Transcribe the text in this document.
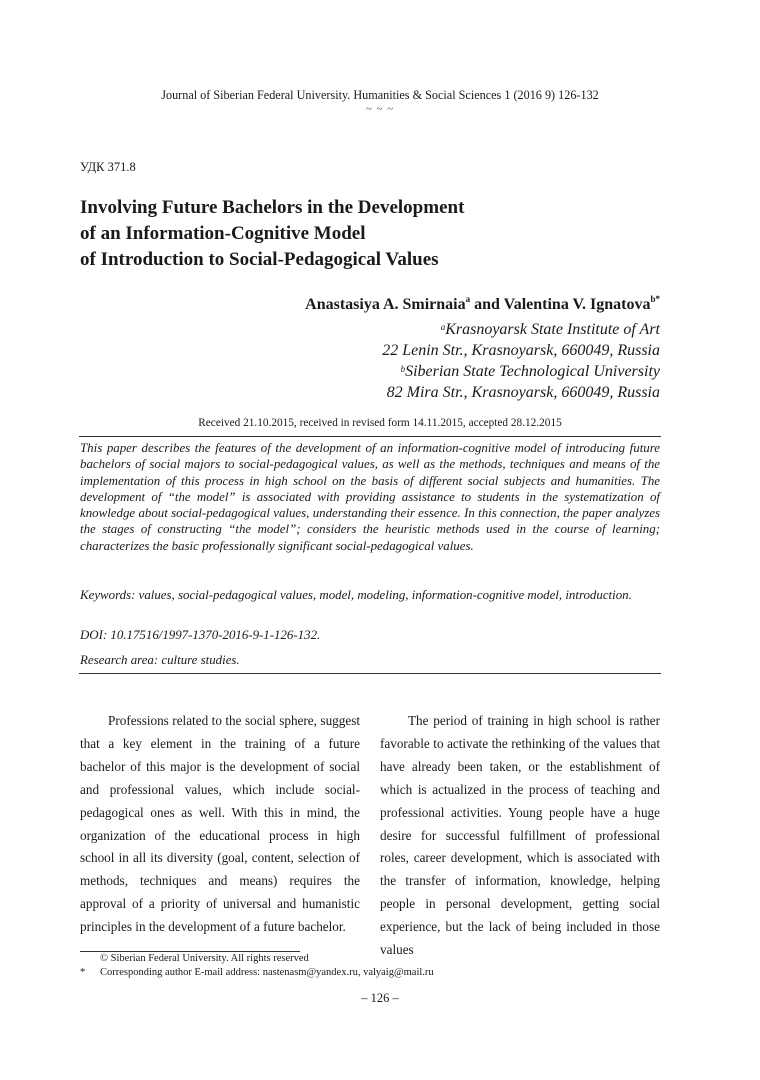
Journal of Siberian Federal University. Humanities & Social Sciences 1 (2016 9) 126-132
~ ~ ~
УДК 371.8
Involving Future Bachelors in the Development
of an Information-Cognitive Model
of Introduction to Social-Pedagogical Values
Anastasiya A. Smirnaia$^a$ and Valentina V. Ignatova$^{b*}$
$^a$Krasnoyarsk State Institute of Art
22 Lenin Str., Krasnoyarsk, 660049, Russia
$^b$Siberian State Technological University
82 Mira Str., Krasnoyarsk, 660049, Russia
Received 21.10.2015, received in revised form 14.11.2015, accepted 28.12.2015
This paper describes the features of the development of an information-cognitive model of introducing future bachelors of social majors to social-pedagogical values, as well as the methods, techniques and means of the implementation of this process in high school on the basis of different social subjects and humanities. The development of “the model” is associated with providing assistance to students in the systematization of knowledge about social-pedagogical values, understanding their essence. In this connection, the paper analyzes the stages of constructing “the model”; considers the heuristic methods used in the course of learning; characterizes the basic professionally significant social-pedagogical values.
Keywords: values, social-pedagogical values, model, modeling, information-cognitive model, introduction.
DOI: 10.17516/1997-1370-2016-9-1-126-132.
Research area: culture studies.

Professions related to the social sphere, suggest that a key element in the training of a future bachelor of this major is the development of social and professional values, which include social-pedagogical ones as well. With this in mind, the organization of the educational process in high school in all its diversity (goal, content, selection of methods, techniques and means) requires the approval of a priority of universal and humanistic principles in the development of a future bachelor.

The period of training in high school is rather favorable to activate the rethinking of the values that have already been taken, or the establishment of which is actualized in the process of teaching and professional activities. Young people have a huge desire for successful fulfillment of professional roles, career development, which is associated with the transfer of information, knowledge, helping people in personal development, getting social experience, but the lack of being included in those values

© Siberian Federal University. All rights reserved
* Corresponding author E-mail address: nastenasm@yandex.ru, valyaig@mail.ru
– 126 –
